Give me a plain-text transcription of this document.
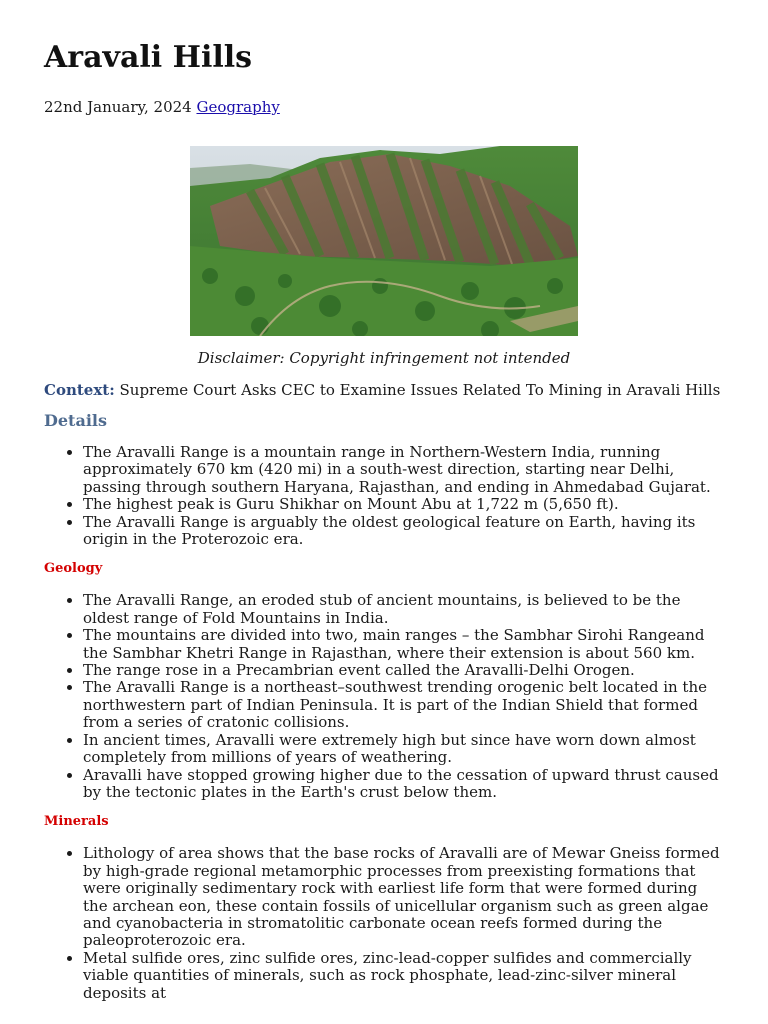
Aravali Hills
22nd January, 2024 Geography
Disclaimer: Copyright infringement not intended
Context: Supreme Court Asks CEC to Examine Issues Related To Mining in Aravali Hills
Details
• The Aravalli Range is a mountain range in Northern-Western India, running approximately 670 km (420 mi) in a south-west direction, starting near Delhi, passing through southern Haryana, Rajasthan, and ending in Ahmedabad Gujarat.
• The highest peak is Guru Shikhar on Mount Abu at 1,722 m (5,650 ft).
• The Aravalli Range is arguably the oldest geological feature on Earth, having its origin in the Proterozoic era.
Geology
• The Aravalli Range, an eroded stub of ancient mountains, is believed to be the oldest range of Fold Mountains in India.
• The mountains are divided into two, main ranges – the Sambhar Sirohi Rangeand the Sambhar Khetri Range in Rajasthan, where their extension is about 560 km.
• The range rose in a Precambrian event called the Aravalli-Delhi Orogen.
• The Aravalli Range is a northeast–southwest trending orogenic belt located in the northwestern part of Indian Peninsula. It is part of the Indian Shield that formed from a series of cratonic collisions.
• In ancient times, Aravalli were extremely high but since have worn down almost completely from millions of years of weathering.
• Aravalli have stopped growing higher due to the cessation of upward thrust caused by the tectonic plates in the Earth's crust below them.
Minerals
• Lithology of area shows that the base rocks of Aravalli are of Mewar Gneiss formed by high-grade regional metamorphic processes from preexisting formations that were originally sedimentary rock with earliest life form that were formed during the archean eon, these contain fossils of unicellular organism such as green algae and cyanobacteria in stromatolitic carbonate ocean reefs formed during the paleoproterozoic era.
• Metal sulfide ores, zinc sulfide ores, zinc-lead-copper sulfides and commercially viable quantities of minerals, such as rock phosphate, lead-zinc-silver mineral deposits at
